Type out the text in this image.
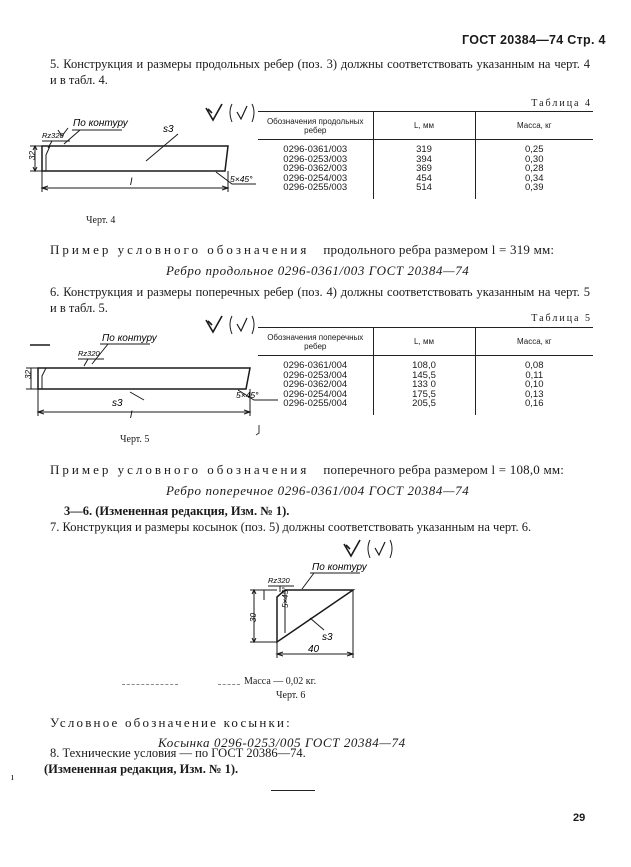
ГОСТ 20384—74 Стр. 4
5. Конструкция и размеры продольных ребер (поз. 3) должны соответствовать указанным на черт. 4 и в табл. 4.
По контуру
Rz320
s3
32
5×45°
l
Черт. 4
Таблица 4
Обозначения продольных ребер	L, мм	Масса, кг

0296-0361/003	319	0,25
0296-0253/003	394	0,30
0296-0362/003	369	0,28
0296-0254/003	454	0,34
0296-0255/003	514	0,39
Пример условного обозначения продольного ребра размером l = 319 мм:
Ребро продольное 0296-0361/003 ГОСТ 20384—74
6. Конструкция и размеры поперечных ребер (поз. 4) должны соответствовать указанным на черт. 5 и в табл. 5.
По контуру
Rz320
s3
32
5×45°
l
Черт. 5
Таблица 5
Обозначения поперечных ребер	L, мм	Масса, кг

0296-0361/004	108,0	0,08
0296-0253/004	145,5	0,11
0296-0362/004	133 0	0,10
0296-0254/004	175,5	0,13
0296-0255/004	205,5	0,16
Пример условного обозначения поперечного ребра размером l = 108,0 мм:
Ребро поперечное 0296-0361/004 ГОСТ 20384—74
3—6. (Измененная редакция, Изм. № 1).
7. Конструкция и размеры косынок (поз. 5) должны соответствовать указанным на черт. 6.
По контуру
Rz320
30
5×45°
s3
40
Масса — 0,02 кг.
Черт. 6
Условное обозначение косынки:
Косынка 0296-0253/005 ГОСТ 20384—74
8. Технические условия — по ГОСТ 20386—74.
(Измененная редакция, Изм. № 1).
ı
29
